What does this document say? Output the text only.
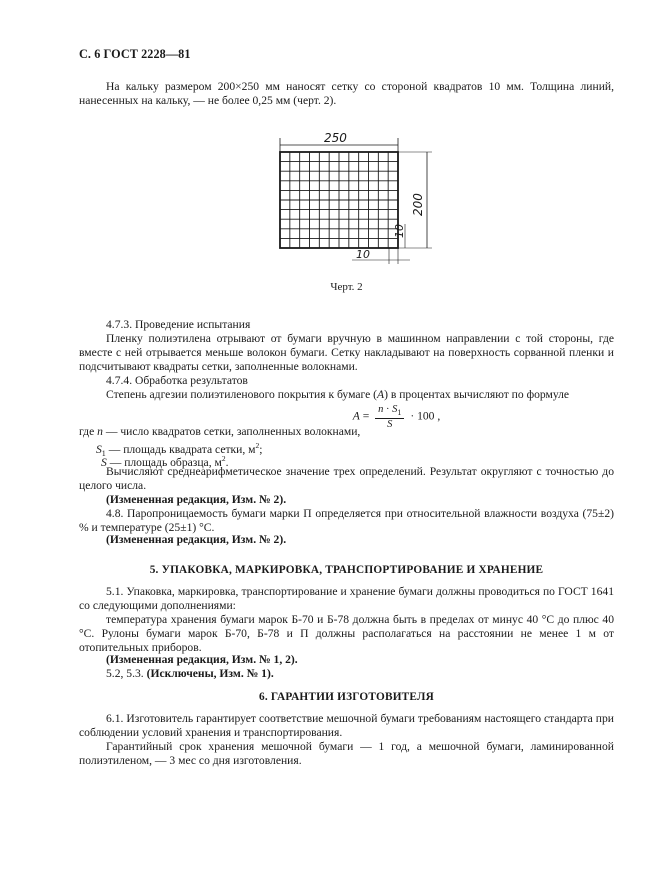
С. 6 ГОСТ 2228—81

На кальку размером 200×250 мм наносят сетку со стороной квадратов 10 мм. Толщина линий, нанесенных на кальку, — не более 0,25 мм (черт. 2).

250
200
10
10
Черт. 2

4.7.3. Проведение испытания

Пленку полиэтилена отрывают от бумаги вручную в машинном направлении с той стороны, где вместе с ней отрывается меньше волокон бумаги. Сетку накладывают на поверхность сорванной пленки и подсчитывают квадраты сетки, заполненные волокнами.

4.7.4. Обработка результатов

Степень адгезии полиэтиленового покрытия к бумаге (A) в процентах вычисляют по формуле

$A = \frac{n \cdot S_1}{S} \cdot 100$ ,

где n — число квадратов сетки, заполненных волокнами,

$S_1$ — площадь квадрата сетки, $м^2$;

S — площадь образца, $м^2$.

Вычисляют среднеарифметическое значение трех определений. Результат округляют с точностью до целого числа.

(Измененная редакция, Изм. № 2).

4.8. Паропроницаемость бумаги марки П определяется при относительной влажности воздуха (75±2) % и температуре (25±1) °С.

(Измененная редакция, Изм. № 2).

5. УПАКОВКА, МАРКИРОВКА, ТРАНСПОРТИРОВАНИЕ И ХРАНЕНИЕ

5.1. Упаковка, маркировка, транспортирование и хранение бумаги должны проводиться по ГОСТ 1641 со следующими дополнениями:

температура хранения бумаги марок Б-70 и Б-78 должна быть в пределах от минус 40 °С до плюс 40 °С. Рулоны бумаги марок Б-70, Б-78 и П должны располагаться на расстоянии не менее 1 м от отопительных приборов.

(Измененная редакция, Изм. № 1, 2).

5.2, 5.3. (Исключены, Изм. № 1).

6. ГАРАНТИИ ИЗГОТОВИТЕЛЯ

6.1. Изготовитель гарантирует соответствие мешочной бумаги требованиям настоящего стандарта при соблюдении условий хранения и транспортирования.

Гарантийный срок хранения мешочной бумаги — 1 год, а мешочной бумаги, ламинированной полиэтиленом, — 3 мес со дня изготовления.
